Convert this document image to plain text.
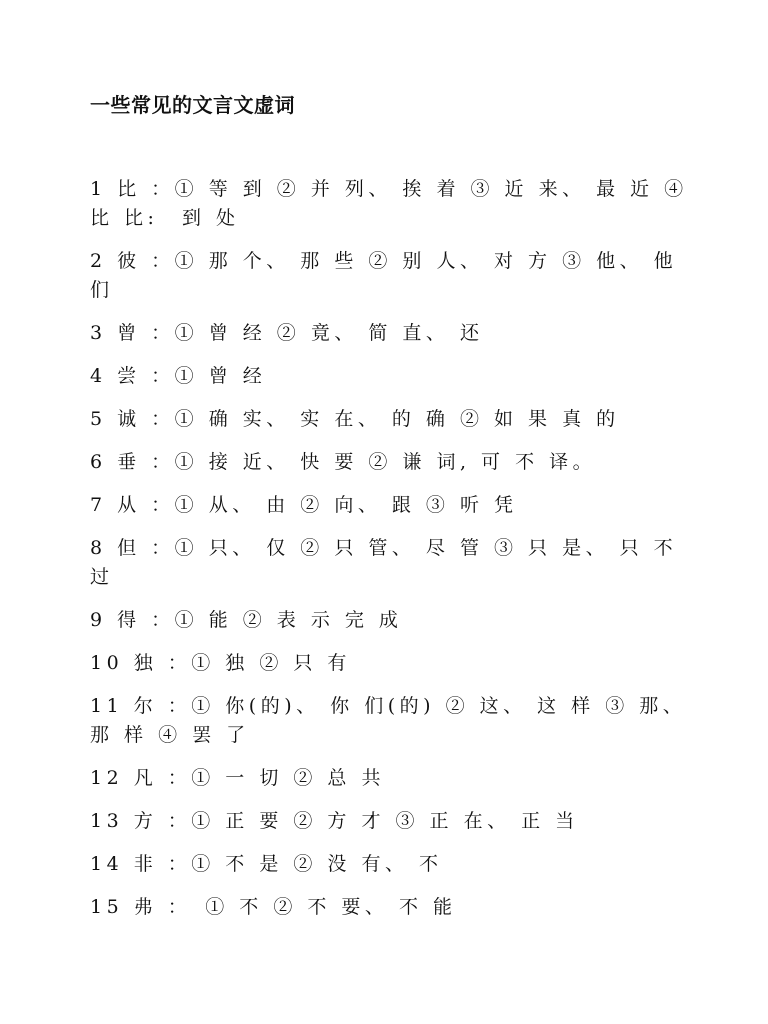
一些常见的文言文虚词
1 比 ：① 等 到 ② 并 列、 挨 着 ③ 近 来、 最 近 ④ 比 比:　到 处
2 彼 ：① 那 个、 那 些 ② 别 人、 对 方 ③ 他、 他 们
3 曾 ：① 曾 经 ② 竟、 简 直、 还
4 尝 ：① 曾 经
5 诚 ：① 确 实、 实 在、 的 确 ② 如 果 真 的
6 垂 ：① 接 近、 快 要 ② 谦 词, 可 不 译。
7 从 ：① 从、 由 ② 向、 跟 ③ 听 凭
8 但 ：① 只、 仅 ② 只 管、 尽 管 ③ 只 是、 只 不 过
9 得 ：① 能 ② 表 示 完 成
10 独 ：① 独 ② 只 有
11 尔 ：① 你(的)、 你 们(的) ② 这、 这 样 ③ 那、 那 样 ④ 罢 了
12 凡 ：① 一 切 ② 总 共
13 方 ：① 正 要 ② 方 才 ③ 正 在、 正 当
14 非 ：① 不 是 ② 没 有、 不
15 弗 ：　① 不 ② 不 要、 不 能
